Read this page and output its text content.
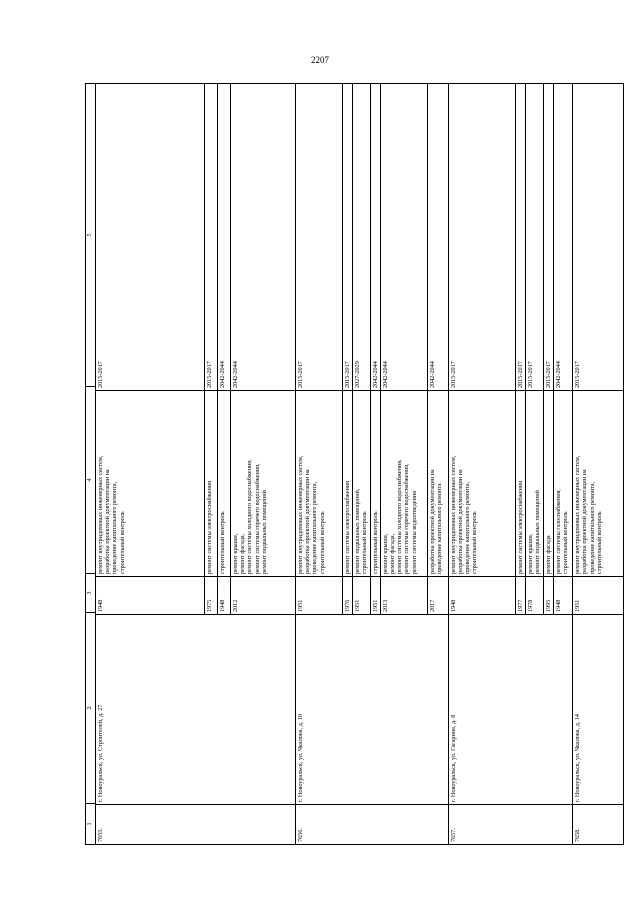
2207
1
2
3
4
5
7655.
г. Новоуральск, ул. Строителей, д. 27
1948
ремонт внутридомовых инженерных систем, разработка проектной документации на проведение капитального ремонта, строительный контроль
2015-2017
1975
ремонт системы электроснабжения
2015-2017
1948
строительный контроль
2042-2044
2012
ремонт крыши, ремонт фасада, ремонт системы холодного водоснабжения, ремонт системы горячего водоснабжения, ремонт подвальных помещений
2042-2044
7656.
г. Новоуральск, ул. Чкалова, д. 10
1951
ремонт внутридомовых инженерных систем, разработка проектной документации на проведение капитального ремонта, строительный контроль
2015-2017
1976
ремонт системы электроснабжения
2015-2017
1951
ремонт подвальных помещений, строительный контроль
2027-2029
1951
строительный контроль
2042-2044
2013
ремонт крыши, ремонт фасада, ремонт системы холодного водоснабжения, ремонт системы горячего водоснабжения, ремонт системы водоотведения
2042-2044
2017
разработка проектной документации на проведение капитального ремонта
2042-2044
7657.
г. Новоуральск, ул. Гагарина, д. 8
1948
ремонт внутридомовых инженерных систем, разработка проектной документации на проведение капитального ремонта, строительный контроль
2015-2017
1977
ремонт системы электроснабжения
2015-2017
1978
ремонт крыши, ремонт подвальных помещений
2015-2017
1995
ремонт фасада
2015-2017
1948
ремонт системы газоснабжения, строительный контроль
2042-2044
7658.
г. Новоуральск, ул. Чкалова, д. 14
1951
ремонт внутридомовых инженерных систем, разработка проектной документации на проведение капитального ремонта, строительный контроль
2015-2017
